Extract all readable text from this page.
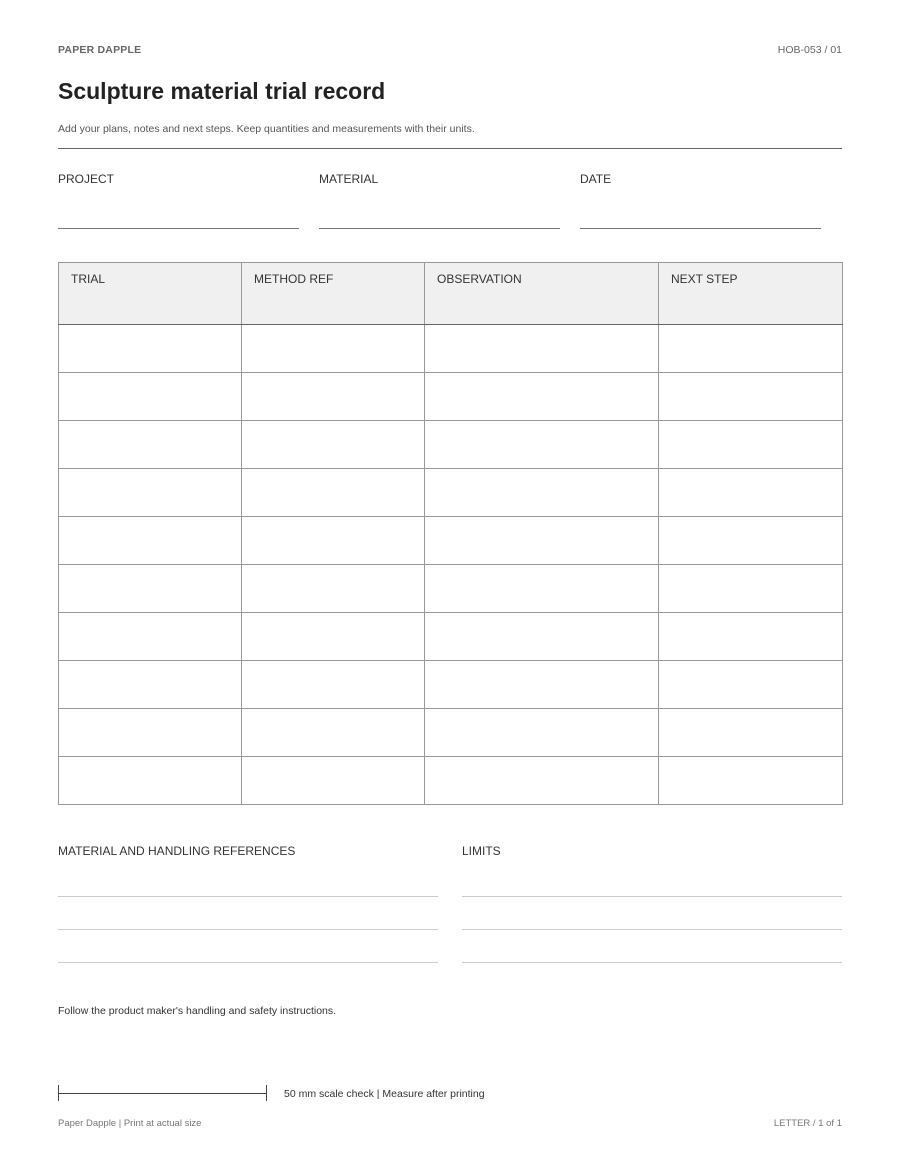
PAPER DAPPLE	HOB-053 / 01
Sculpture material trial record
Add your plans, notes and next steps. Keep quantities and measurements with their units.
PROJECT	MATERIAL	DATE
TRIAL	METHOD REF	OBSERVATION	NEXT STEP

MATERIAL AND HANDLING REFERENCES	LIMITS
Follow the product maker's handling and safety instructions.
50 mm scale check | Measure after printing
Paper Dapple | Print at actual size	LETTER / 1 of 1
